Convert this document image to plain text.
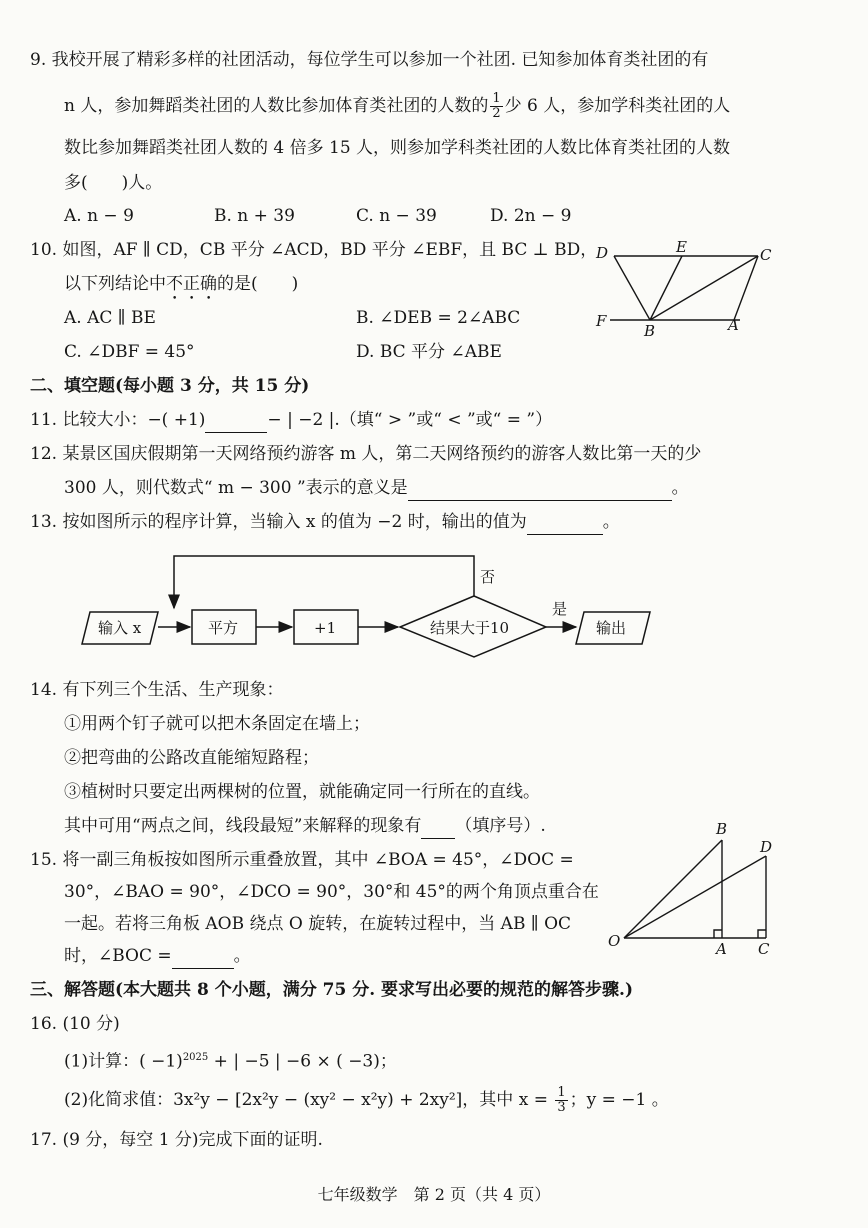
9. 我校开展了精彩多样的社团活动，每位学生可以参加一个社团. 已知参加体育类社团的有
n 人，参加舞蹈类社团的人数比参加体育类社团的人数的 $\frac{1}{2}$ 少 6 人，参加学科类社团的人
数比参加舞蹈类社团人数的 4 倍多 15 人，则参加学科类社团的人数比体育类社团的人数
多(　　)人。
A. n − 9	B. n + 39	C. n − 39	D. 2n − 9
10. 如图，AF ∥ CD，CB 平分 ∠ACD，BD 平分 ∠EBF，且 BC ⊥ BD，
以下列结论中不正确的是(　　)
A. AC ∥ BE	B. ∠DEB = 2∠ABC
C. ∠DBF = 45°	D. BC 平分 ∠ABE
D	E	C
F
B	A
二、填空题(每小题 3 分，共 15 分)
11. 比较大小：−( +1)	− | −2 |.（填“ > ”或“ < ”或“ = ”）
12. 某景区国庆假期第一天网络预约游客 m 人，第二天网络预约的游客人数比第一天的少
300 人，则代数式“ m − 300 ”表示的意义是	。
13. 按如图所示的程序计算，当输入 x 的值为 −2 时，输出的值为	。
输入 x	平方	+1	结果大于10	输出
否
是
14. 有下列三个生活、生产现象：
①用两个钉子就可以把木条固定在墙上；
②把弯曲的公路改直能缩短路程；
③植树时只要定出两棵树的位置，就能确定同一行所在的直线。
其中可用“两点之间，线段最短”来解释的现象有 （填序号）.
15. 将一副三角板按如图所示重叠放置，其中 ∠BOA = 45°，∠DOC =
30°，∠BAO = 90°，∠DCO = 90°，30°和 45°的两个角顶点重合在
一起。若将三角板 AOB 绕点 O 旋转，在旋转过程中，当 AB ∥ OC
时，∠BOC =	。
B
D
O	A C
三、解答题(本大题共 8 个小题，满分 75 分. 要求写出必要的规范的解答步骤.)
16. (10 分)
(1)计算：( −1)$^{2025}$ + | −5 | −6 × ( −3)；
(2)化简求值：3x²y − [2x²y − (xy² − x²y) + 2xy²]，其中 $x = \frac{1}{3}$ ；y = −1 。
17. (9 分，每空 1 分)完成下面的证明.
七年级数学　第 2 页（共 4 页）
